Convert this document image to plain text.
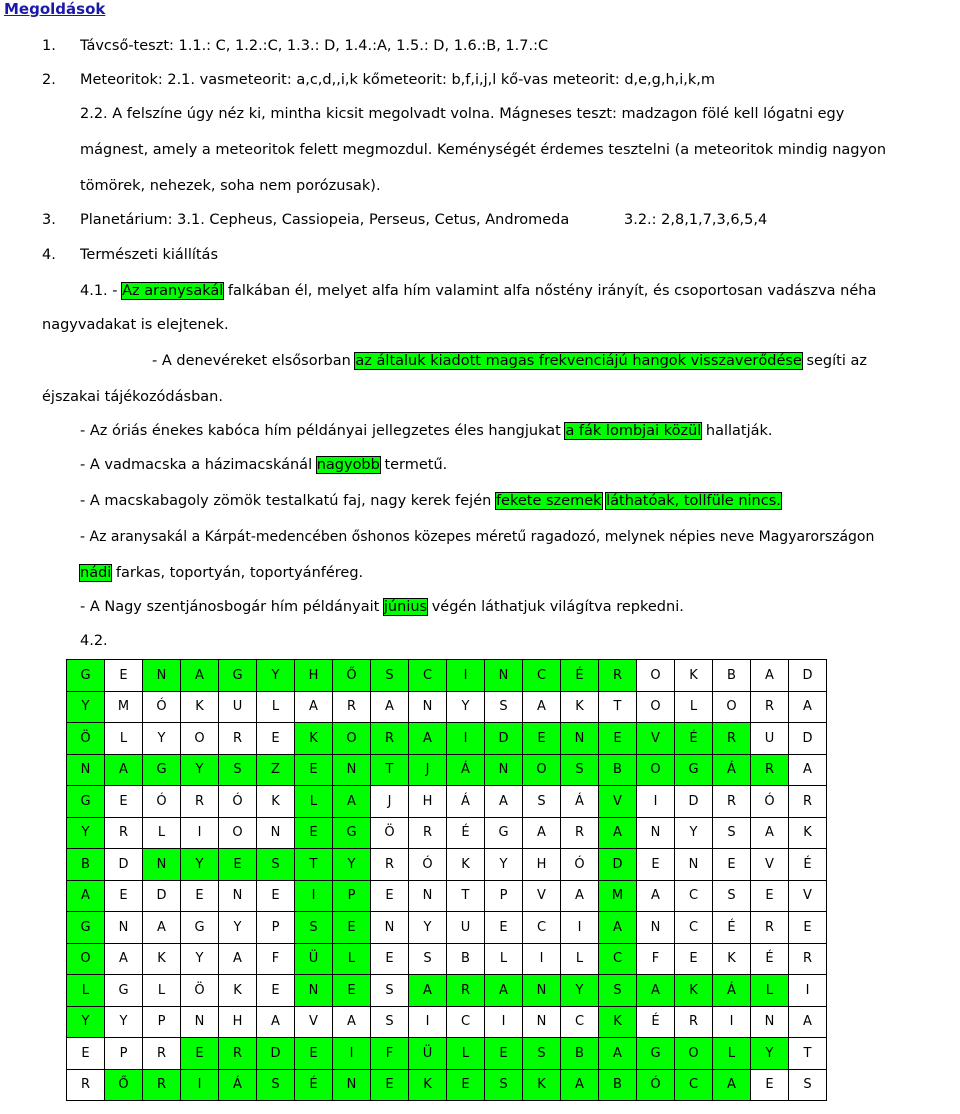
Megoldások
1. Távcső-teszt: 1.1.: C, 1.2.:C, 1.3.: D, 1.4.:A, 1.5.: D, 1.6.:B, 1.7.:C
2. Meteoritok: 2.1. vasmeteorit: a,c,d,,i,k kőmeteorit: b,f,i,j,l kő-vas meteorit: d,e,g,h,i,k,m
2.2. A felszíne úgy néz ki, mintha kicsit megolvadt volna. Mágneses teszt: madzagon fölé kell lógatni egy
mágnest, amely a meteoritok felett megmozdul. Keménységét érdemes tesztelni (a meteoritok mindig nagyon
tömörek, nehezek, soha nem porózusak).
3. Planetárium: 3.1. Cepheus, Cassiopeia, Perseus, Cetus, Andromeda	3.2.: 2,8,1,7,3,6,5,4
4. Természeti kiállítás
4.1. - Az aranysakál falkában él, melyet alfa hím valamint alfa nőstény irányít, és csoportosan vadászva néha
nagyvadakat is elejtenek.
- A denevéreket elsősorban az általuk kiadott magas frekvenciájú hangok visszaverődése segíti az
éjszakai tájékozódásban.
- Az óriás énekes kabóca hím példányai jellegzetes éles hangjukat a fák lombjai közül hallatják.
- A vadmacska a házimacskánál nagyobb termetű.
- A macskabagoly zömök testalkatú faj, nagy kerek fején fekete szemek láthatóak, tollfüle nincs.
- Az aranysakál a Kárpát-medencében őshonos közepes méretű ragadozó, melynek népies neve Magyarországon
nádi farkas, toportyán, toportyánféreg.
- A Nagy szentjánosbogár hím példányait június végén láthatjuk világítva repkedni.
4.2.
G	E	N	A	G	Y	H	Ő	S	C	I	N	C	É	R	O	K	B	A	D
Y	M	Ó	K	U	L	A	R	A	N	Y	S	A	K	T	O	L	O	R	A
Ö	L	Y	O	R	E	K	O	R	A	I	D	E	N	E	V	É	R	U	D
N	A	G	Y	S	Z	E	N	T	J	Á	N	O	S	B	O	G	Á	R	A
G	E	Ó	R	Ó	K	L	A	J	H	Á	A	S	Á	V	I	D	R	Ó	R
Y	R	L	I	O	N	E	G	Ö	R	É	G	A	R	A	N	Y	S	A	K
B	D	N	Y	E	S	T	Y	R	Ó	K	Y	H	Ó	D	E	N	E	V	É
A	E	D	E	N	E	I	P	E	N	T	P	V	A	M	A	C	S	E	V
G	N	A	G	Y	P	S	E	N	Y	U	E	C	I	A	N	C	É	R	E
O	A	K	Y	A	F	Ü	L	E	S	B	L	I	L	C	F	E	K	É	R
L	G	L	Ö	K	E	N	E	S	A	R	A	N	Y	S	A	K	Á	L	I
Y	Y	P	N	H	A	V	A	S	I	C	I	N	C	K	É	R	I	N	A
E	P	R	E	R	D	E	I	F	Ü	L	E	S	B	A	G	O	L	Y	T
R	Ő	R	I	Á	S	É	N	E	K	E	S	K	A	B	Ó	C	A	E	S
